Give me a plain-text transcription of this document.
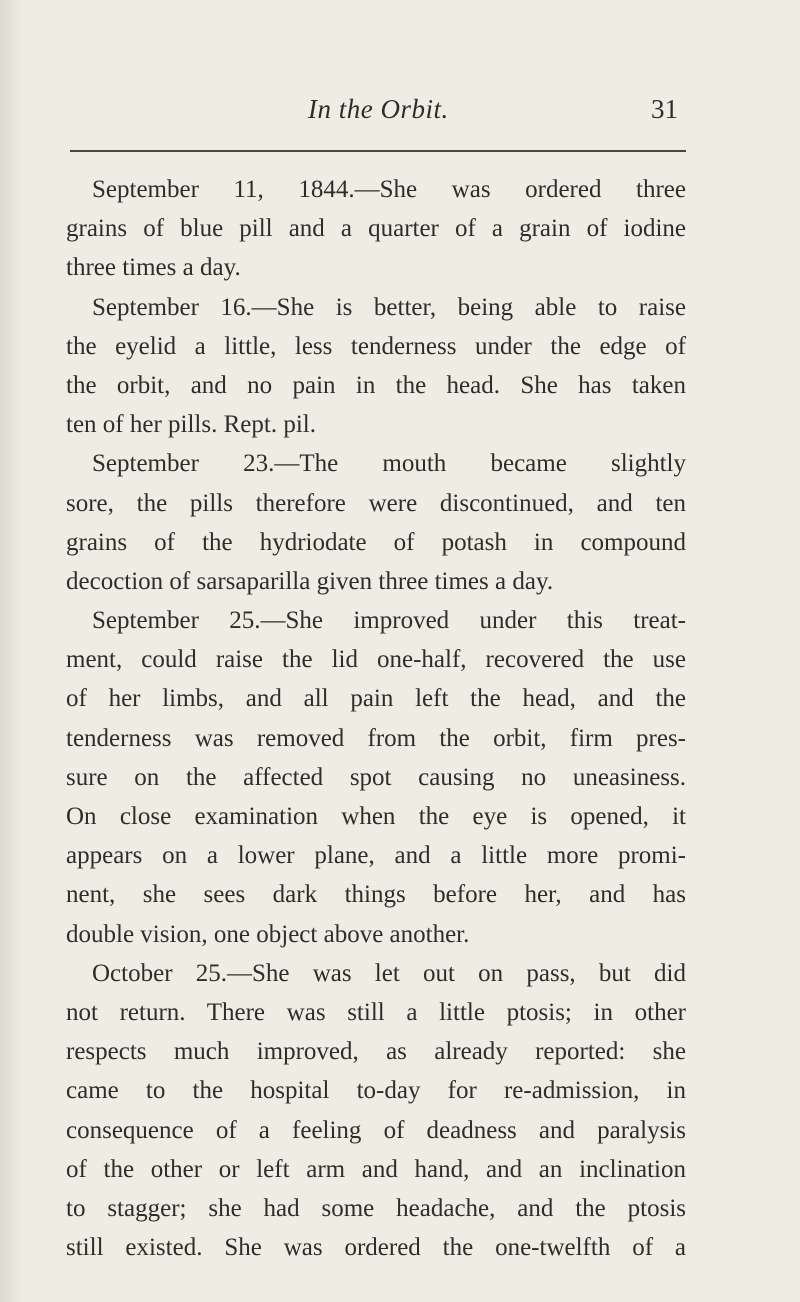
In the Orbit.	31
September 11, 1844.—She was ordered three
grains of blue pill and a quarter of a grain of iodine
three times a day.
September 16.—She is better, being able to raise
the eyelid a little, less tenderness under the edge of
the orbit, and no pain in the head. She has taken
ten of her pills. Rept. pil.
September 23.—The mouth became slightly
sore, the pills therefore were discontinued, and ten
grains of the hydriodate of potash in compound
decoction of sarsaparilla given three times a day.
September 25.—She improved under this treat-
ment, could raise the lid one-half, recovered the use
of her limbs, and all pain left the head, and the
tenderness was removed from the orbit, firm pres-
sure on the affected spot causing no uneasiness.
On close examination when the eye is opened, it
appears on a lower plane, and a little more promi-
nent, she sees dark things before her, and has
double vision, one object above another.
October 25.—She was let out on pass, but did
not return. There was still a little ptosis; in other
respects much improved, as already reported: she
came to the hospital to-day for re-admission, in
consequence of a feeling of deadness and paralysis
of the other or left arm and hand, and an inclination
to stagger; she had some headache, and the ptosis
still existed. She was ordered the one-twelfth of a
